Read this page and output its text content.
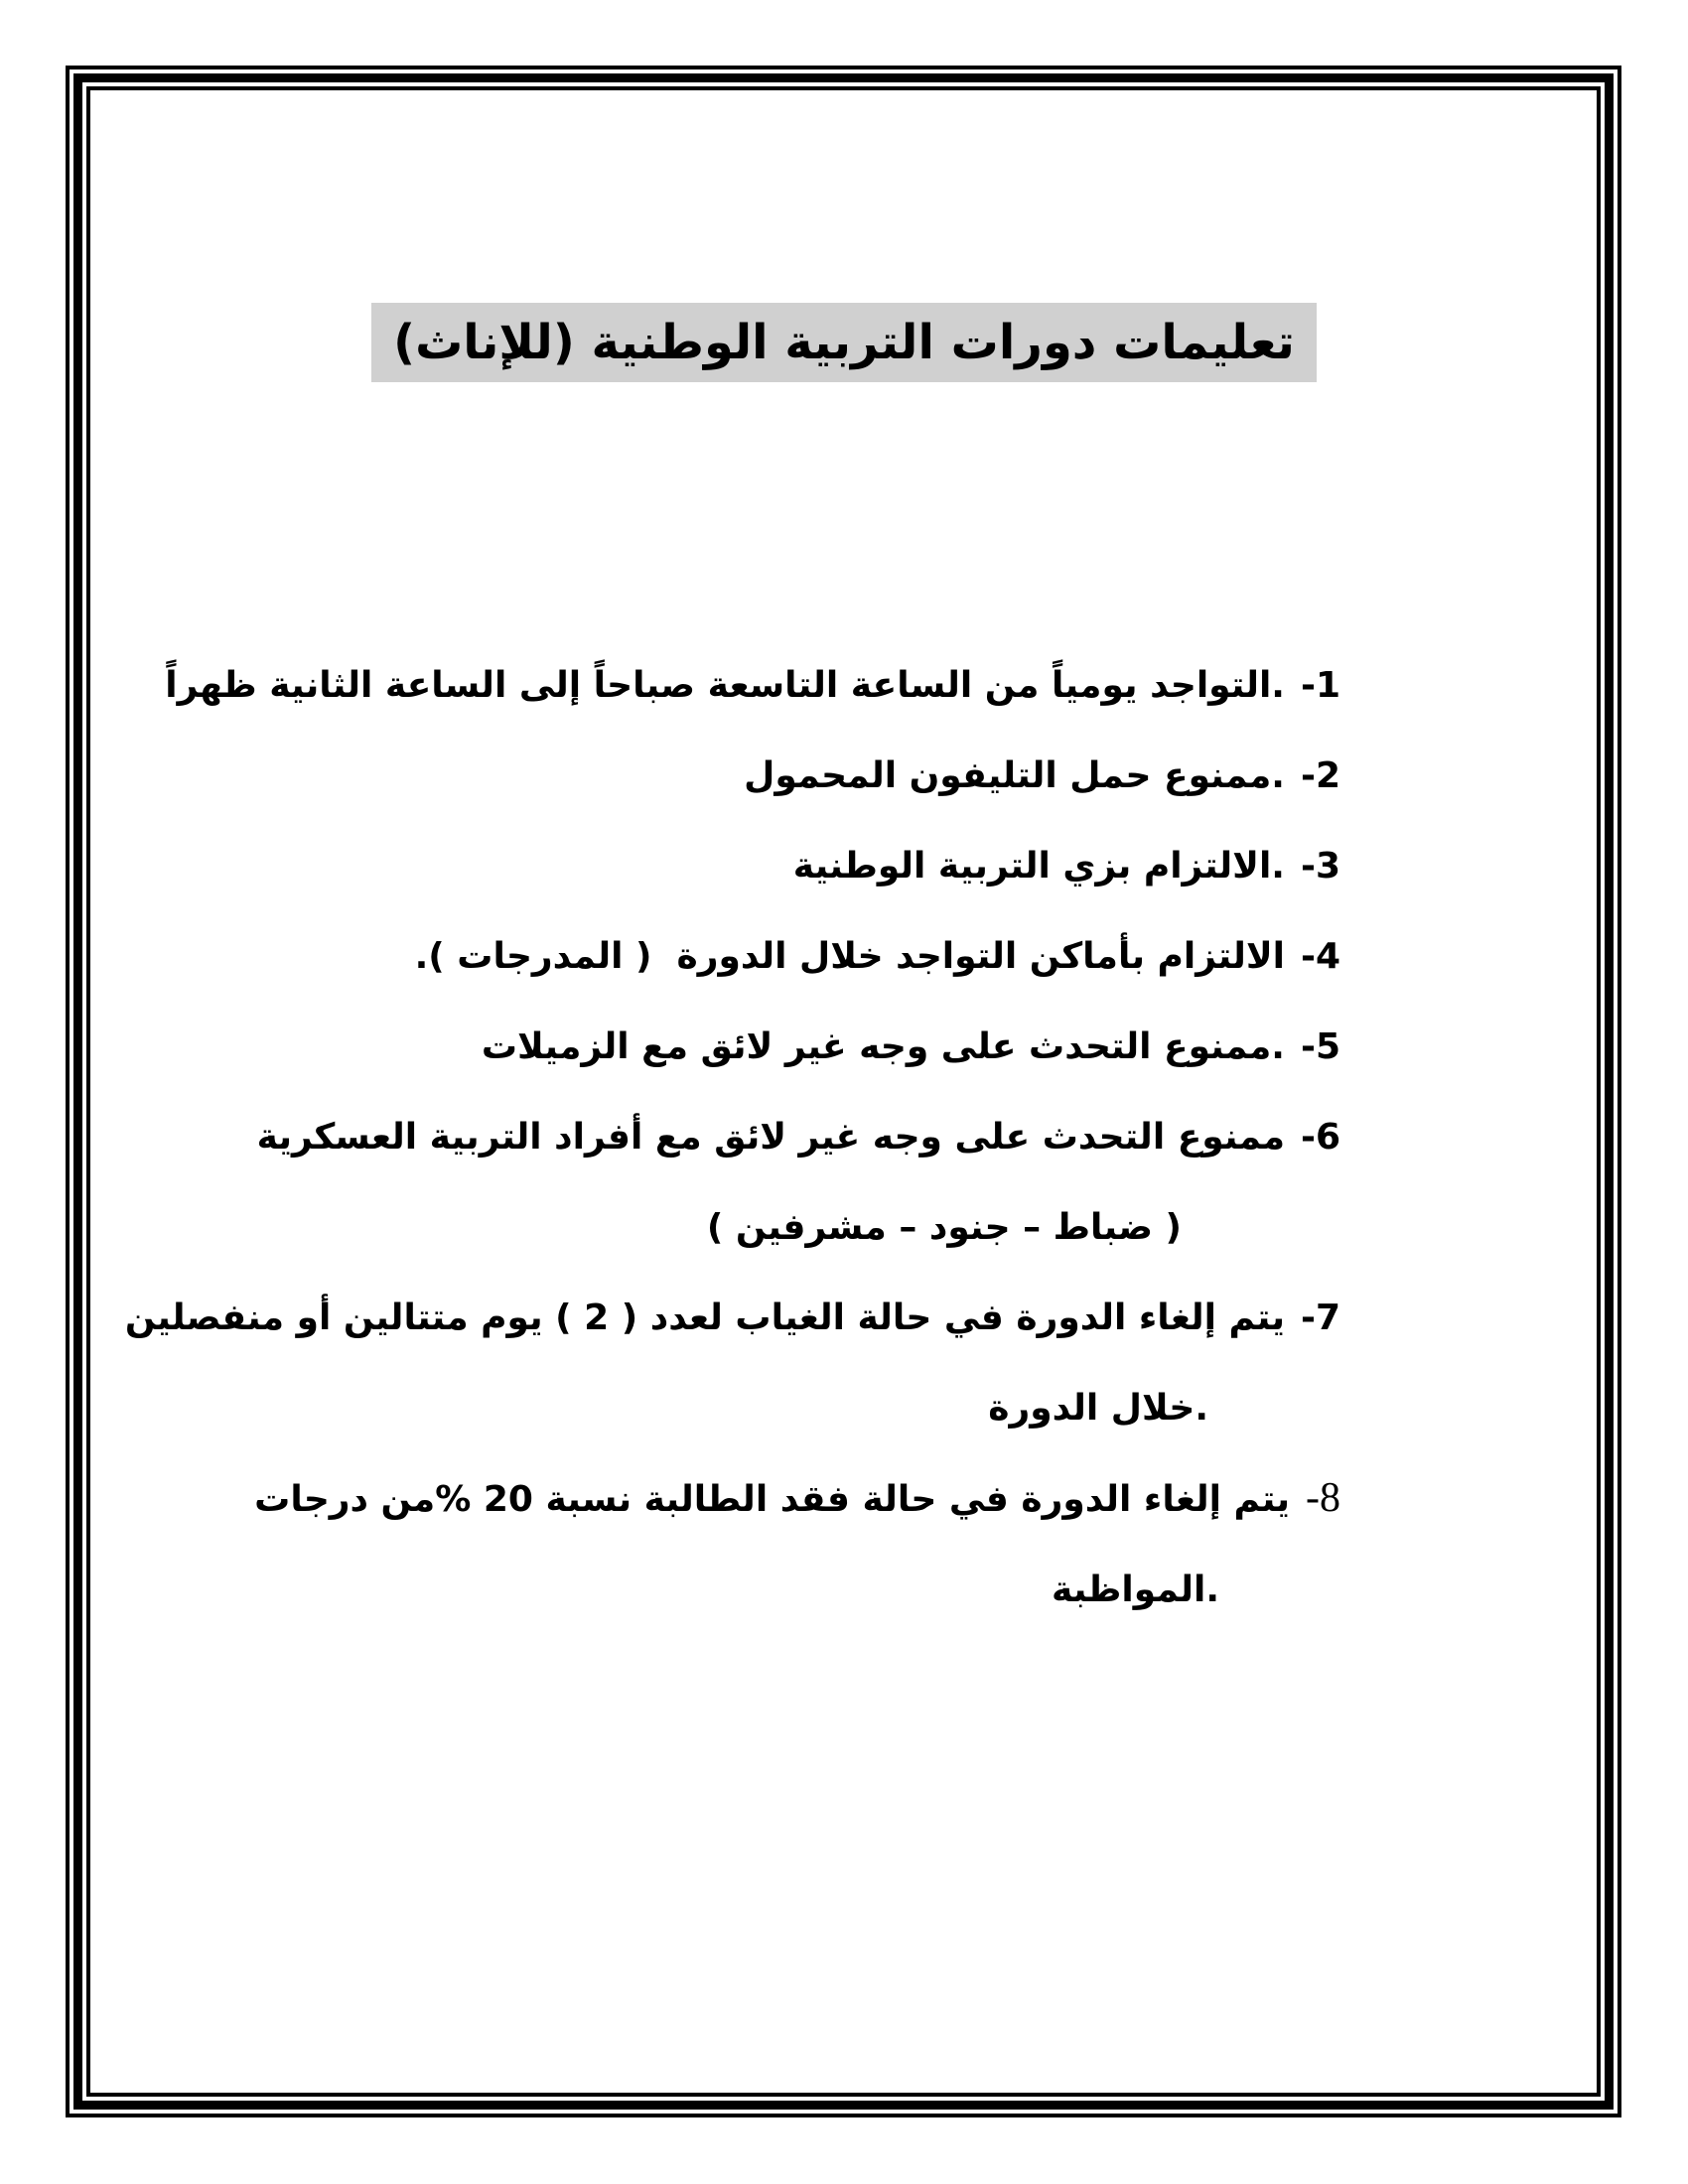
تعليمات دورات التربية الوطنية (للإناث)
1-.التواجد يومياً من الساعة التاسعة صباحاً إلى الساعة الثانية ظهراً
2-.ممنوع حمل التليفون المحمول
3-.الالتزام بزي التربية الوطنية
4-الالتزام بأماكن التواجد خلال الدورة  ( المدرجات ).
5-.ممنوع التحدث على وجه غير لائق مع الزميلات
6-ممنوع التحدث على وجه غير لائق مع أفراد التربية العسكرية
( ضباط – جنود – مشرفين )
7-يتم إلغاء الدورة في حالة الغياب لعدد ( 2 ) يوم متتالين أو منفصلين
.خلال الدورة
8-يتم إلغاء الدورة في حالة فقد الطالبة نسبة 20 %من درجات
.المواظبة
